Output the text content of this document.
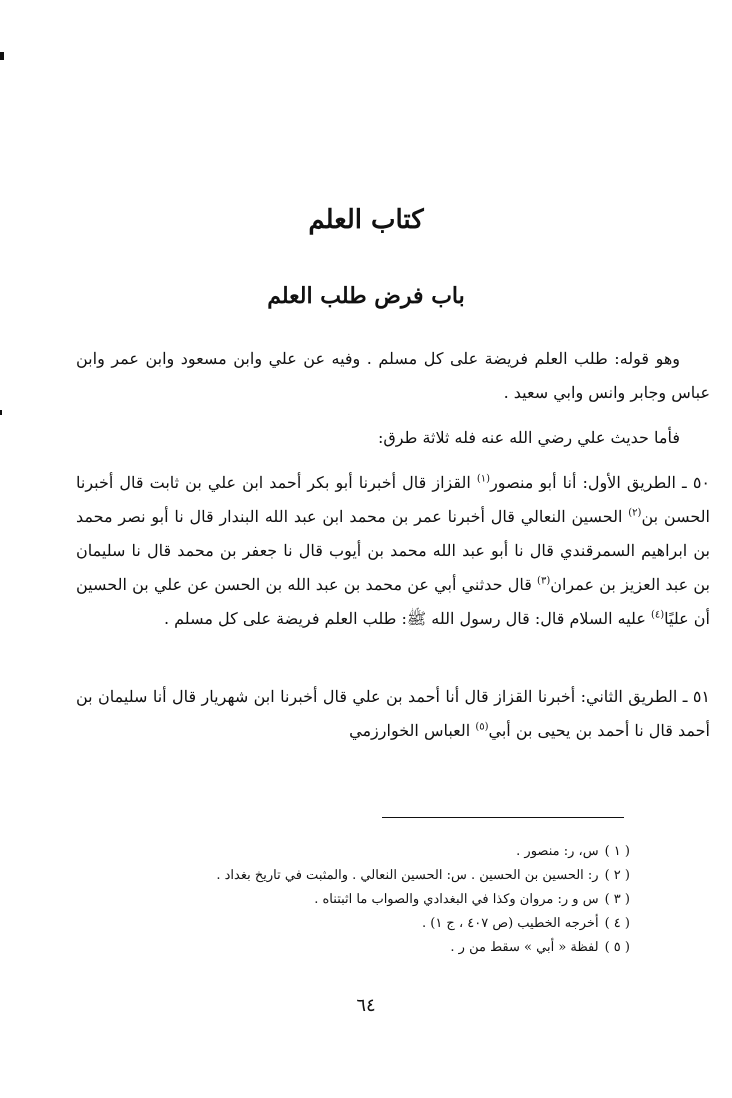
كتاب العلم
باب فرض طلب العلم

وهو قوله: طلب العلم فريضة على كل مسلم . وفيه عن علي وابن مسعود وابن عمر وابن عباس وجابر وانس وابي سعيد .

فأما حديث علي رضي الله عنه فله ثلاثة طرق:

٥٠ ـ الطريق الأول: أنا أبو منصور$^{(١)}$ القزاز قال أخبرنا أبو بكر أحمد ابن علي بن ثابت قال أخبرنا الحسن بن$^{(٢)}$ الحسين النعالي قال أخبرنا عمر بن محمد ابن عبد الله البندار قال نا أبو نصر محمد بن ابراهيم السمرقندي قال نا أبو عبد الله محمد بن أيوب قال نا جعفر بن محمد قال نا سليمان بن عبد العزيز بن عمران$^{(٣)}$ قال حدثني أبي عن محمد بن عبد الله بن الحسن عن علي بن الحسين أن عليًا$^{(٤)}$ عليه السلام قال: قال رسول الله ﷺ: طلب العلم فريضة على كل مسلم .

٥١ ـ الطريق الثاني: أخبرنا القزاز قال أنا أحمد بن علي قال أخبرنا ابن شهريار قال أنا سليمان بن أحمد قال نا أحمد بن يحيى بن أبي$^{(٥)}$ العباس الخوارزمي

( ١ )س، ر: منصور .
( ٢ )ر: الحسين بن الحسين . س: الحسين النعالي . والمثبت في تاريخ بغداد .
( ٣ )س و ر: مروان وكذا في البغدادي والصواب ما اثبتناه .
( ٤ )أخرجه الخطيب (ص ٤٠٧ ، ج ١) .
( ٥ )لفظة « أبي » سقط من ر .

٦٤
